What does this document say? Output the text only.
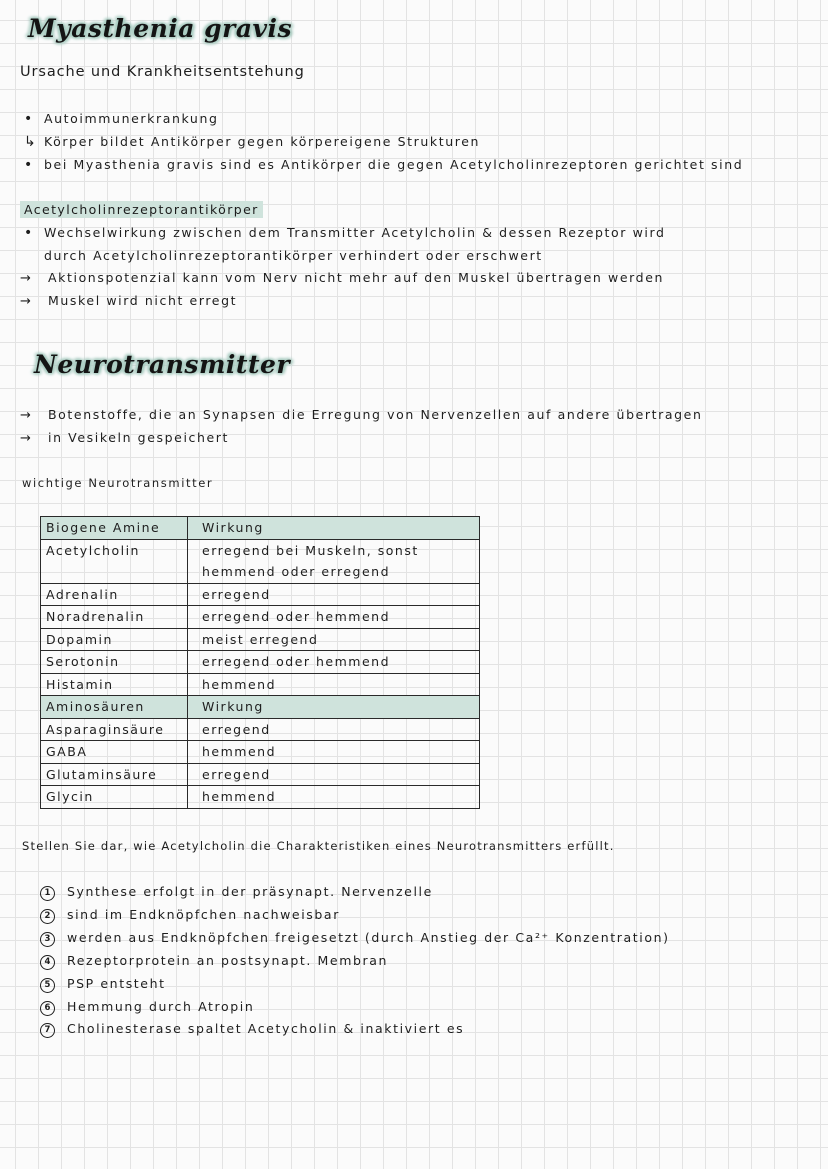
Myasthenia gravis
Ursache und Krankheitsentstehung
• Autoimmunerkrankung
↳ Körper bildet Antikörper gegen körpereigene Strukturen
• bei Myasthenia gravis sind es Antikörper die gegen Acetylcholinrezeptoren gerichtet sind
Acetylcholinrezeptorantikörper
• Wechselwirkung zwischen dem Transmitter Acetylcholin & dessen Rezeptor wird
durch Acetylcholinrezeptorantikörper verhindert oder erschwert
→ Aktionspotenzial kann vom Nerv nicht mehr auf den Muskel übertragen werden
→ Muskel wird nicht erregt
Neurotransmitter
→ Botenstoffe, die an Synapsen die Erregung von Nervenzellen auf andere übertragen
→ in Vesikeln gespeichert
wichtige Neurotransmitter
Biogene Amine	Wirkung
Acetylcholin	erregend bei Muskeln, sonst
	hemmend oder erregend
Adrenalin	erregend
Noradrenalin	erregend oder hemmend
Dopamin	meist erregend
Serotonin	erregend oder hemmend
Histamin	hemmend
Aminosäuren	Wirkung
Asparaginsäure	erregend
GABA	hemmend
Glutaminsäure	erregend
Glycin	hemmend
Stellen Sie dar, wie Acetylcholin die Charakteristiken eines Neurotransmitters erfüllt.
1 Synthese erfolgt in der präsynapt. Nervenzelle
2 sind im Endknöpfchen nachweisbar
3 werden aus Endknöpfchen freigesetzt (durch Anstieg der Ca²⁺ Konzentration)
4 Rezeptorprotein an postsynapt. Membran
5 PSP entsteht
6 Hemmung durch Atropin
7 Cholinesterase spaltet Acetycholin & inaktiviert es
